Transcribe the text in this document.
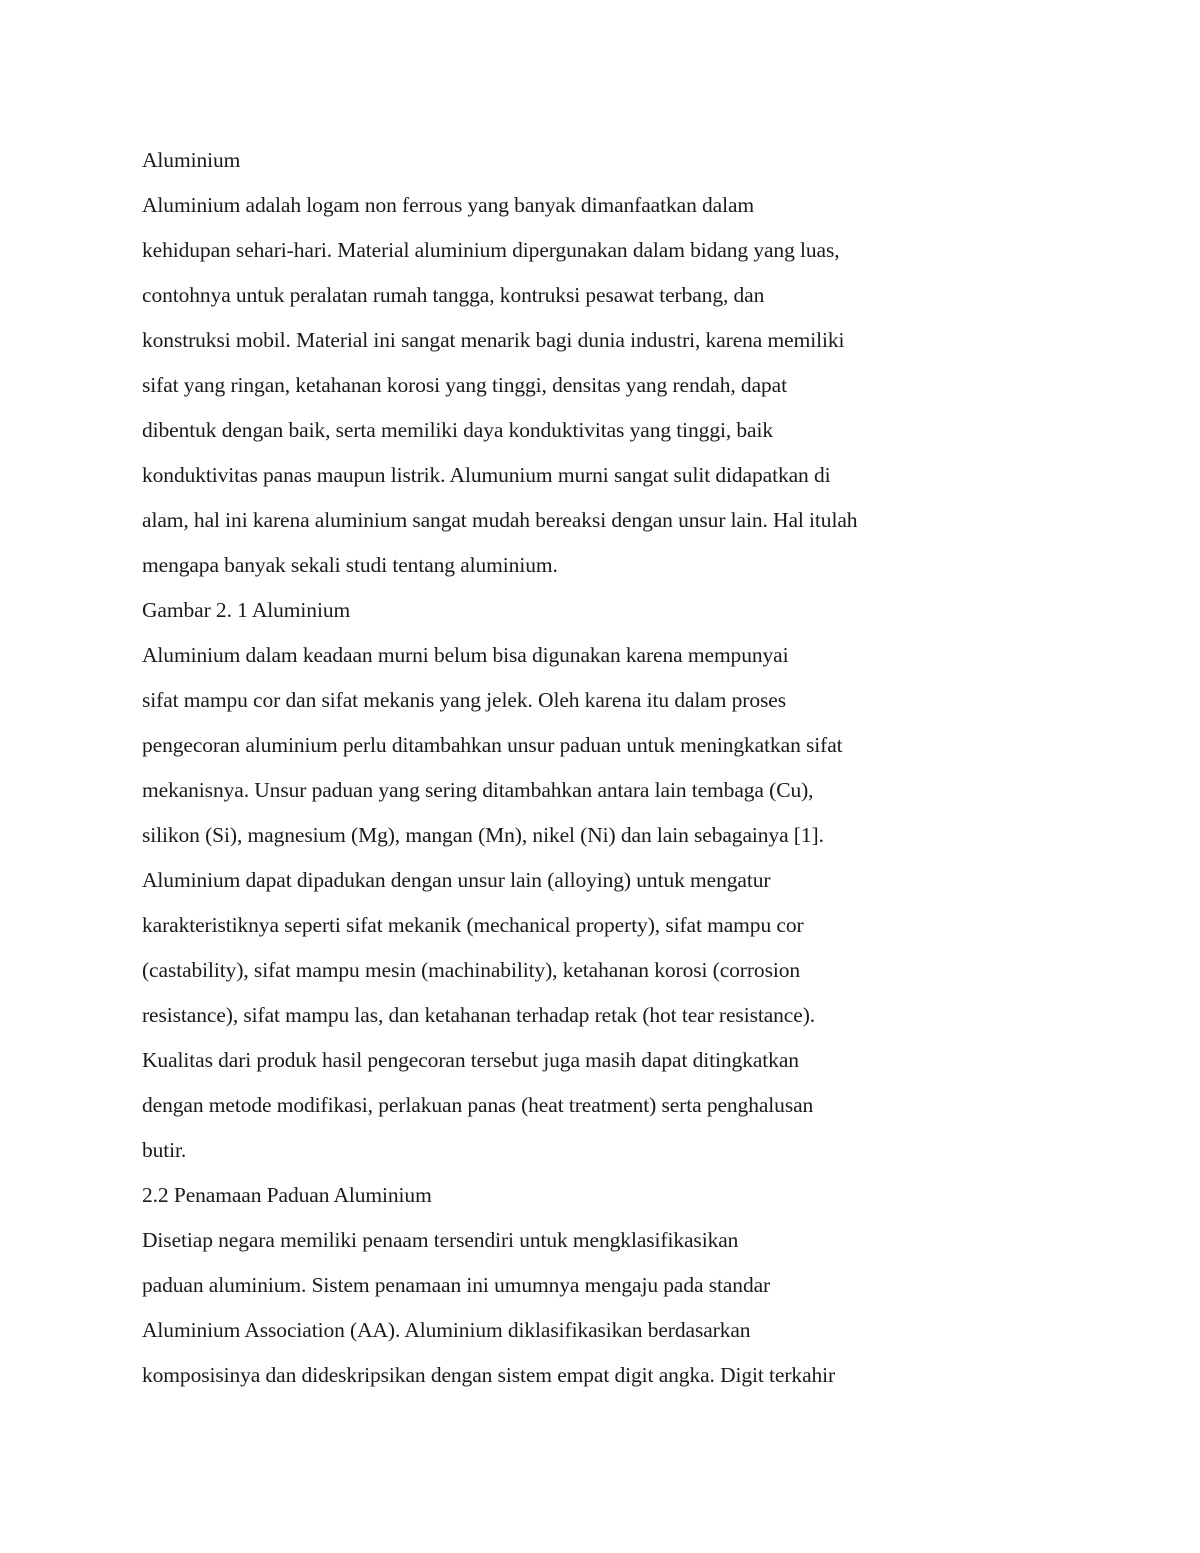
Aluminium
Aluminium adalah logam non ferrous yang banyak dimanfaatkan dalam
kehidupan sehari-hari. Material aluminium dipergunakan dalam bidang yang luas,
contohnya untuk peralatan rumah tangga, kontruksi pesawat terbang, dan
konstruksi mobil. Material ini sangat menarik bagi dunia industri, karena memiliki
sifat yang ringan, ketahanan korosi yang tinggi, densitas yang rendah, dapat
dibentuk dengan baik, serta memiliki daya konduktivitas yang tinggi, baik
konduktivitas panas maupun listrik. Alumunium murni sangat sulit didapatkan di
alam, hal ini karena aluminium sangat mudah bereaksi dengan unsur lain. Hal itulah
mengapa banyak sekali studi tentang aluminium.
Gambar 2. 1 Aluminium
Aluminium dalam keadaan murni belum bisa digunakan karena mempunyai
sifat mampu cor dan sifat mekanis yang jelek. Oleh karena itu dalam proses
pengecoran aluminium perlu ditambahkan unsur paduan untuk meningkatkan sifat
mekanisnya. Unsur paduan yang sering ditambahkan antara lain tembaga (Cu),
silikon (Si), magnesium (Mg), mangan (Mn), nikel (Ni) dan lain sebagainya [1].
Aluminium dapat dipadukan dengan unsur lain (alloying) untuk mengatur
karakteristiknya seperti sifat mekanik (mechanical property), sifat mampu cor
(castability), sifat mampu mesin (machinability), ketahanan korosi (corrosion
resistance), sifat mampu las, dan ketahanan terhadap retak (hot tear resistance).
Kualitas dari produk hasil pengecoran tersebut juga masih dapat ditingkatkan
dengan metode modifikasi, perlakuan panas (heat treatment) serta penghalusan
butir.
2.2 Penamaan Paduan Aluminium
Disetiap negara memiliki penaam tersendiri untuk mengklasifikasikan
paduan aluminium. Sistem penamaan ini umumnya mengaju pada standar
Aluminium Association (AA). Aluminium diklasifikasikan berdasarkan
komposisinya dan dideskripsikan dengan sistem empat digit angka. Digit terkahir
